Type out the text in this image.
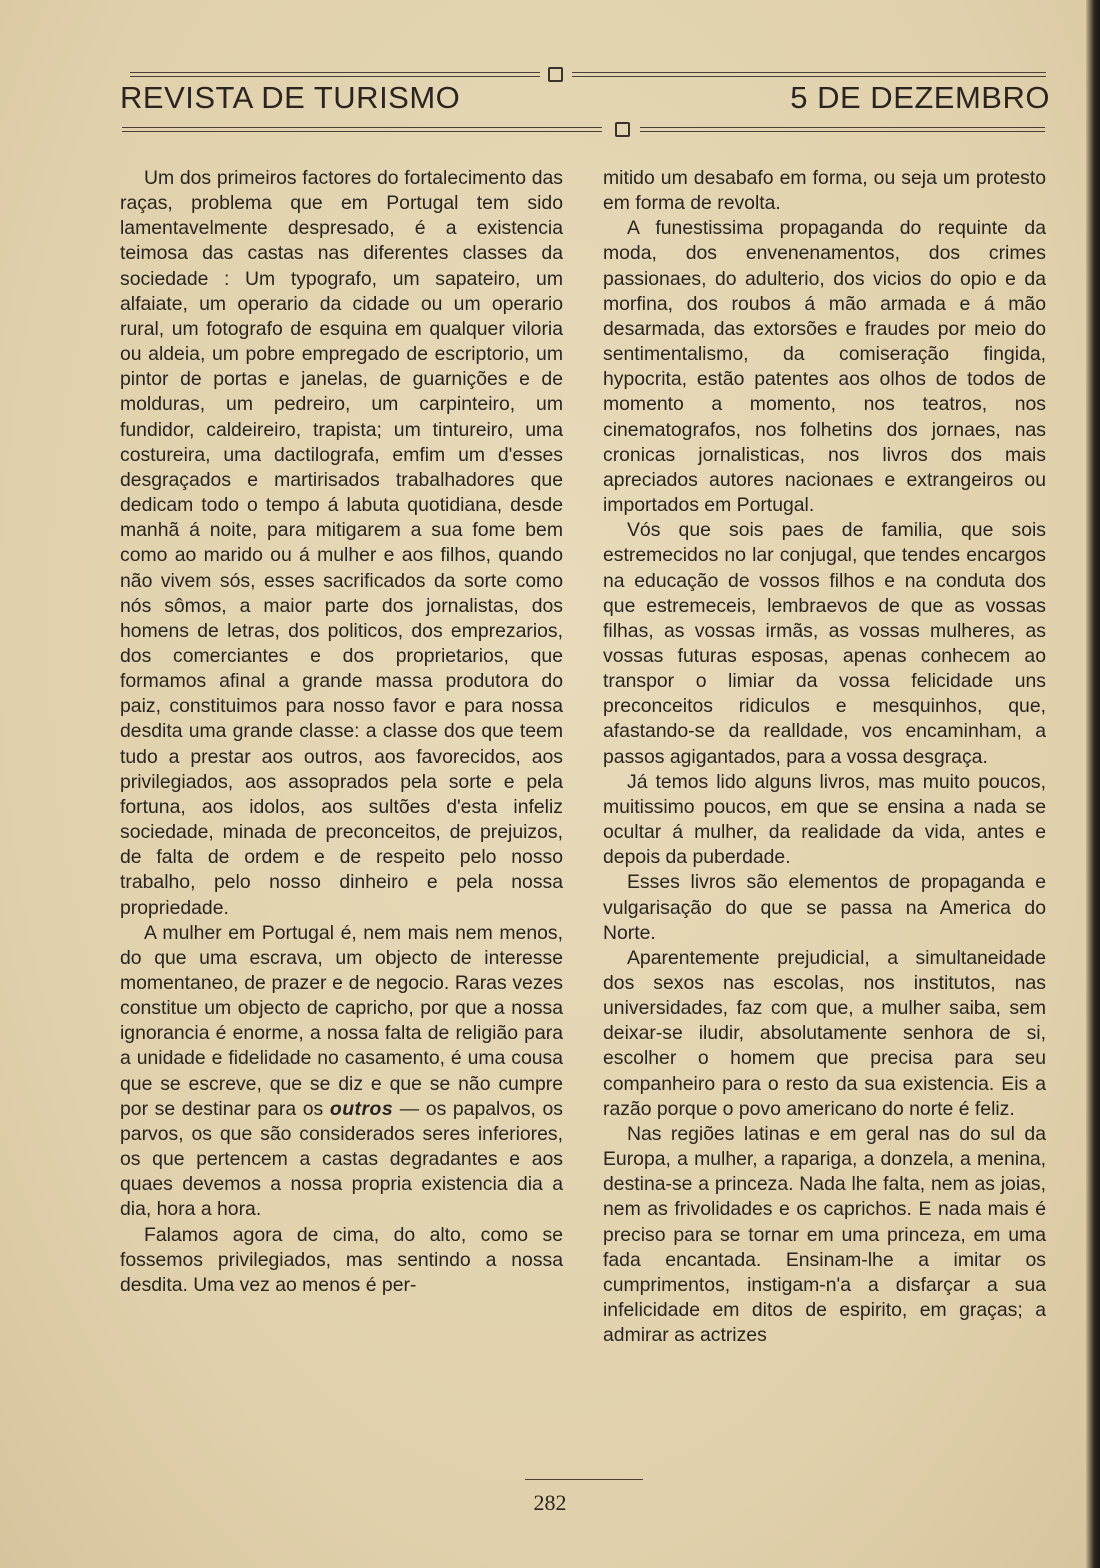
REVISTA DE TURISMO	5 DE DEZEMBRO

Um dos primeiros factores do fortalecimento das raças, problema que em Portugal tem sido lamentavelmente despresado, é a existencia teimosa das castas nas diferentes classes da sociedade : Um typografo, um sapateiro, um alfaiate, um operario da cidade ou um operario rural, um fotografo de esquina em qualquer viloria ou aldeia, um pobre empregado de escriptorio, um pintor de portas e janelas, de guarnições e de molduras, um pedreiro, um carpinteiro, um fundidor, caldeireiro, trapista; um tintureiro, uma costureira, uma dactilografa, emfim um d'esses desgraçados e martirisados trabalhadores que dedicam todo o tempo á labuta quotidiana, desde manhã á noite, para mitigarem a sua fome bem como ao marido ou á mulher e aos filhos, quando não vivem sós, esses sacrificados da sorte como nós sômos, a maior parte dos jornalistas, dos homens de letras, dos politicos, dos emprezarios, dos comerciantes e dos proprietarios, que formamos afinal a grande massa produtora do paiz, constituimos para nosso favor e para nossa desdita uma grande classe: a classe dos que teem tudo a prestar aos outros, aos favorecidos, aos privilegiados, aos assoprados pela sorte e pela fortuna, aos idolos, aos sultões d'esta infeliz sociedade, minada de preconceitos, de prejuizos, de falta de ordem e de respeito pelo nosso trabalho, pelo nosso dinheiro e pela nossa propriedade.

A mulher em Portugal é, nem mais nem menos, do que uma escrava, um objecto de interesse momentaneo, de prazer e de negocio. Raras vezes constitue um objecto de capricho, por que a nossa ignorancia é enorme, a nossa falta de religião para a unidade e fidelidade no casamento, é uma cousa que se escreve, que se diz e que se não cumpre por se destinar para os outros — os papalvos, os parvos, os que são considerados seres inferiores, os que pertencem a castas degradantes e aos quaes devemos a nossa propria existencia dia a dia, hora a hora.

Falamos agora de cima, do alto, como se fossemos privilegiados, mas sentindo a nossa desdita. Uma vez ao menos é per-

mitido um desabafo em forma, ou seja um protesto em forma de revolta.

A funestissima propaganda do requinte da moda, dos envenenamentos, dos crimes passionaes, do adulterio, dos vicios do opio e da morfina, dos roubos á mão armada e á mão desarmada, das extorsões e fraudes por meio do sentimentalismo, da comiseração fingida, hypocrita, estão patentes aos olhos de todos de momento a momento, nos teatros, nos cinematografos, nos folhetins dos jornaes, nas cronicas jornalisticas, nos livros dos mais apreciados autores nacionaes e extrangeiros ou importados em Portugal.

Vós que sois paes de familia, que sois estremecidos no lar conjugal, que tendes encargos na educação de vossos filhos e na conduta dos que estremeceis, lembraevos de que as vossas filhas, as vossas irmãs, as vossas mulheres, as vossas futuras esposas, apenas conhecem ao transpor o limiar da vossa felicidade uns preconceitos ridiculos e mesquinhos, que, afastando-se da realldade, vos encaminham, a passos agigantados, para a vossa desgraça.

Já temos lido alguns livros, mas muito poucos, muitissimo poucos, em que se ensina a nada se ocultar á mulher, da realidade da vida, antes e depois da puberdade.

Esses livros são elementos de propaganda e vulgarisação do que se passa na America do Norte.

Aparentemente prejudicial, a simultaneidade dos sexos nas escolas, nos institutos, nas universidades, faz com que, a mulher saiba, sem deixar-se iludir, absolutamente senhora de si, escolher o homem que precisa para seu companheiro para o resto da sua existencia. Eis a razão porque o povo americano do norte é feliz.

Nas regiões latinas e em geral nas do sul da Europa, a mulher, a rapariga, a donzela, a menina, destina-se a princeza. Nada lhe falta, nem as joias, nem as frivolidades e os caprichos. E nada mais é preciso para se tornar em uma princeza, em uma fada encantada. Ensinam-lhe a imitar os cumprimentos, instigam-n'a a disfarçar a sua infelicidade em ditos de espirito, em graças; a admirar as actrizes

282
